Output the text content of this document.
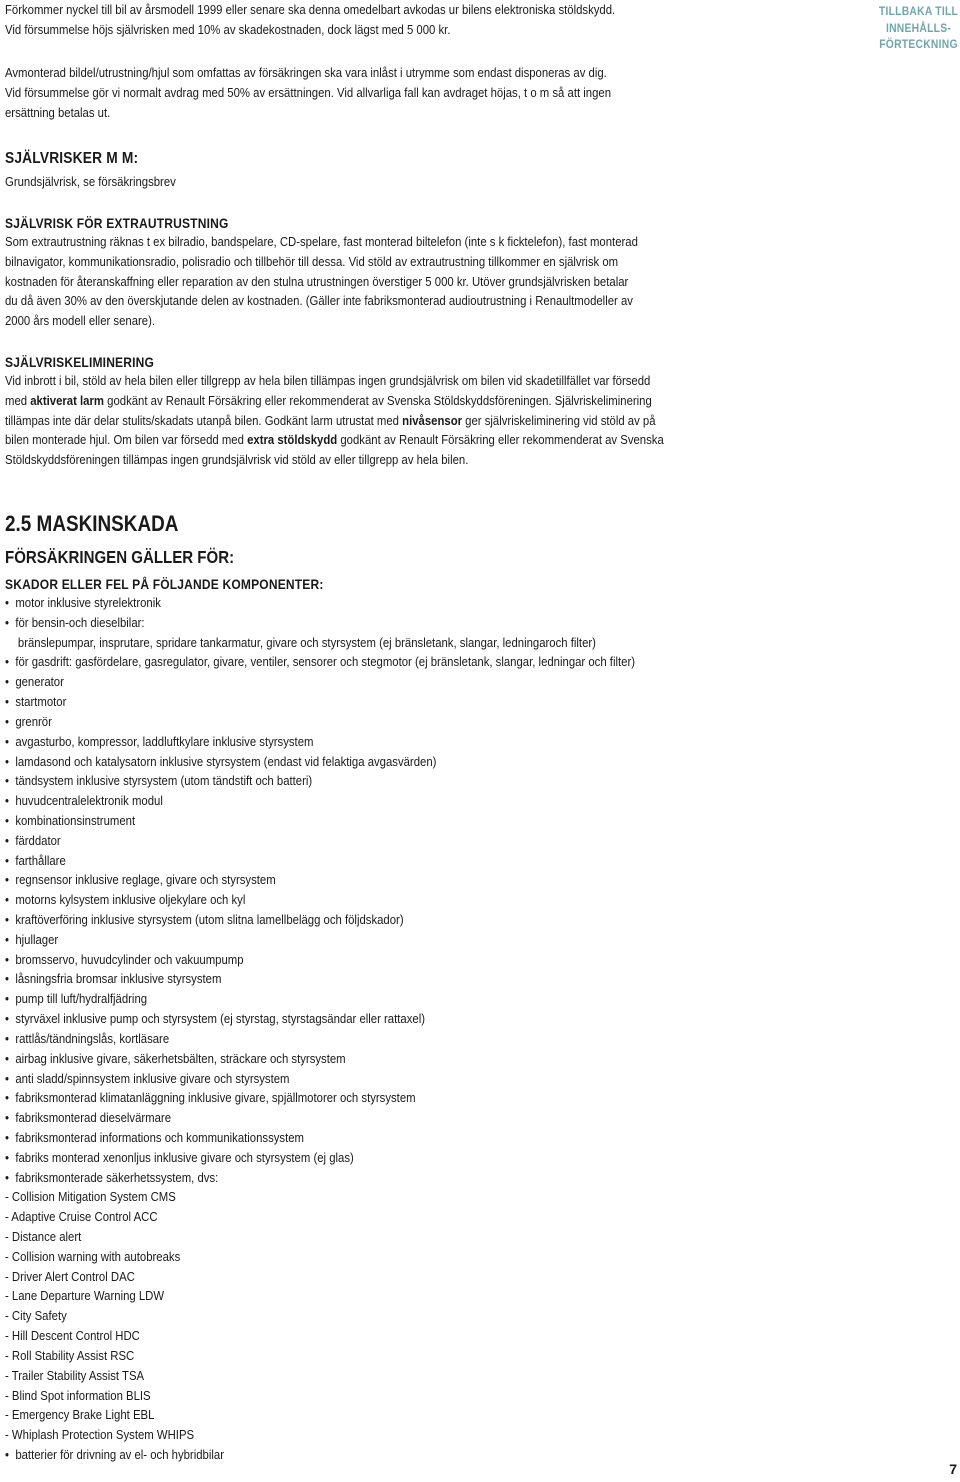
TILLBAKA TILL
INNEHÅLLS-
FÖRTECKNING
Förkommer nyckel till bil av årsmodell 1999 eller senare ska denna omedelbart avkodas ur bilens elektroniska stöldskydd.
Vid försummelse höjs självrisken med 10% av skadekostnaden, dock lägst med 5 000 kr.
Avmonterad bildel/utrustning/hjul som omfattas av försäkringen ska vara inlåst i utrymme som endast disponeras av dig.
Vid försummelse gör vi normalt avdrag med 50% av ersättningen. Vid allvarliga fall kan avdraget höjas, t o m så att ingen
ersättning betalas ut.
SJÄLVRISKER M M:
Grundsjälvrisk, se försäkringsbrev
SJÄLVRISK FÖR EXTRAUTRUSTNING
Som extrautrustning räknas t ex bilradio, bandspelare, CD-spelare, fast monterad biltelefon (inte s k ficktelefon), fast monterad
bilnavigator, kommunikationsradio, polisradio och tillbehör till dessa. Vid stöld av extrautrustning tillkommer en självrisk om
kostnaden för återanskaffning eller reparation av den stulna utrustningen överstiger 5 000 kr. Utöver grundsjälvrisken betalar
du då även 30% av den överskjutande delen av kostnaden. (Gäller inte fabriksmonterad audioutrustning i Renaultmodeller av
2000 års modell eller senare).
SJÄLVRISKELIMINERING
Vid inbrott i bil, stöld av hela bilen eller tillgrepp av hela bilen tillämpas ingen grundsjälvrisk om bilen vid skadetillfället var försedd
med aktiverat larm godkänt av Renault Försäkring eller rekommenderat av Svenska Stöldskyddsföreningen. Självriskeliminering
tillämpas inte där delar stulits/skadats utanpå bilen. Godkänt larm utrustat med nivåsensor ger självriskeliminering vid stöld av på
bilen monterade hjul. Om bilen var försedd med extra stöldskydd godkänt av Renault Försäkring eller rekommenderat av Svenska
Stöldskyddsföreningen tillämpas ingen grundsjälvrisk vid stöld av eller tillgrepp av hela bilen.
2.5 MASKINSKADA
FÖRSÄKRINGEN GÄLLER FÖR:
SKADOR ELLER FEL PÅ FÖLJANDE KOMPONENTER:
• motor inklusive styrelektronik
• för bensin-och dieselbilar:
bränslepumpar, insprutare, spridare tankarmatur, givare och styrsystem (ej bränsletank, slangar, ledningaroch filter)
• för gasdrift: gasfördelare, gasregulator, givare, ventiler, sensorer och stegmotor (ej bränsletank, slangar, ledningar och filter)
• generator
• startmotor
• grenrör
• avgasturbo, kompressor, laddluftkylare inklusive styrsystem
• lamdasond och katalysatorn inklusive styrsystem (endast vid felaktiga avgasvärden)
• tändsystem inklusive styrsystem (utom tändstift och batteri)
• huvudcentralelektronik modul
• kombinationsinstrument
• färddator
• farthållare
• regnsensor inklusive reglage, givare och styrsystem
• motorns kylsystem inklusive oljekylare och kyl
• kraftöverföring inklusive styrsystem (utom slitna lamellbelägg och följdskador)
• hjullager
• bromsservo, huvudcylinder och vakuumpump
• låsningsfria bromsar inklusive styrsystem
• pump till luft/hydralfjädring
• styrväxel inklusive pump och styrsystem (ej styrstag, styrstagsändar eller rattaxel)
• rattlås/tändningslås, kortläsare
• airbag inklusive givare, säkerhetsbälten, sträckare och styrsystem
• anti sladd/spinnsystem inklusive givare och styrsystem
• fabriksmonterad klimatanläggning inklusive givare, spjällmotorer och styrsystem
• fabriksmonterad dieselvärmare
• fabriksmonterad informations och kommunikationssystem
• fabriks monterad xenonljus inklusive givare och styrsystem (ej glas)
• fabriksmonterade säkerhetssystem, dvs:
- Collision Mitigation System CMS
- Adaptive Cruise Control ACC
- Distance alert
- Collision warning with autobreaks
- Driver Alert Control DAC
- Lane Departure Warning LDW
- City Safety
- Hill Descent Control HDC
- Roll Stability Assist RSC
- Trailer Stability Assist TSA
- Blind Spot information BLIS
- Emergency Brake Light EBL
- Whiplash Protection System WHIPS
• batterier för drivning av el- och hybridbilar
7
